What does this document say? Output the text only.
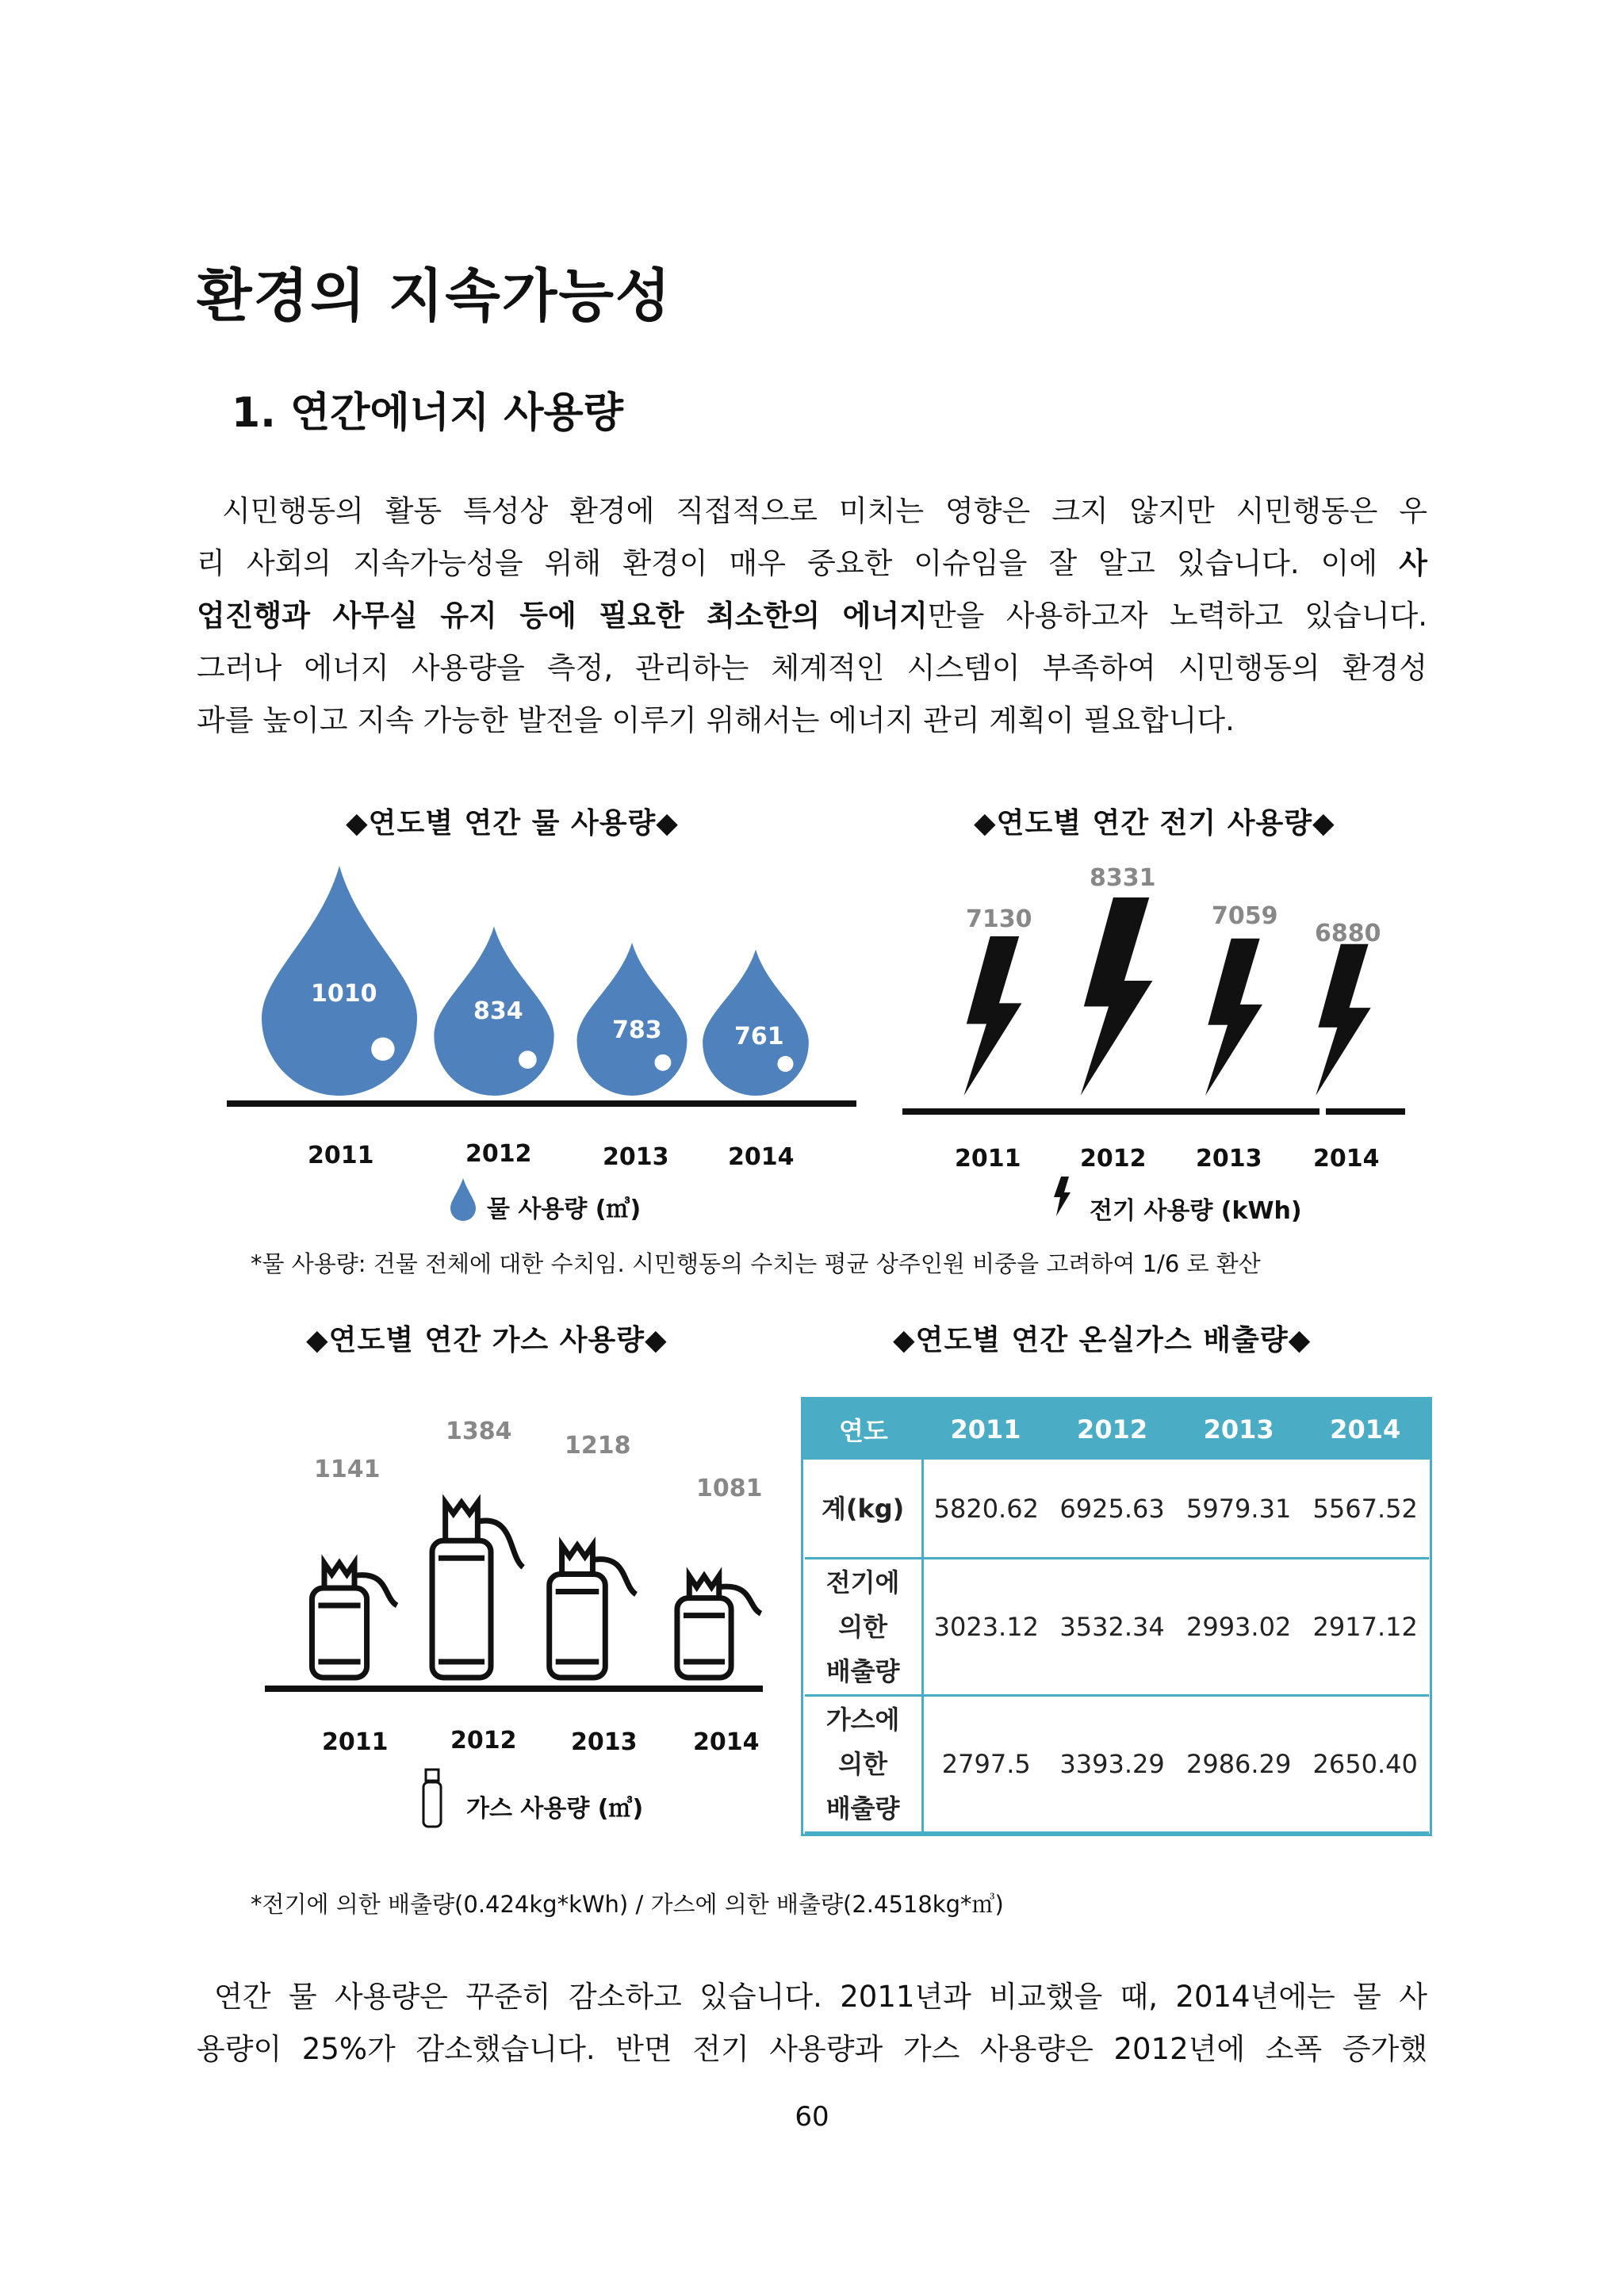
환경의 지속가능성
1. 연간에너지 사용량
시민행동의 활동 특성상 환경에 직접적으로 미치는 영향은 크지 않지만 시민행동은 우
리 사회의 지속가능성을 위해 환경이 매우 중요한 이슈임을 잘 알고 있습니다. 이에 사
업진행과 사무실 유지 등에 필요한 최소한의 에너지만을 사용하고자 노력하고 있습니다.
그러나 에너지 사용량을 측정, 관리하는 체계적인 시스템이 부족하여 시민행동의 환경성
과를 높이고 지속 가능한 발전을 이루기 위해서는 에너지 관리 계획이 필요합니다.
◆연도별 연간 물 사용량◆
1010
834
783	761
2011	2012	2013 2014
물 사용량 (㎥)
◆연도별 연간 전기 사용량◆
7130
8331
7059
6880
2011 2012 2013 2014
전기 사용량 (kWh)
*물 사용량: 건물 전체에 대한 수치임. 시민행동의 수치는 평균 상주인원 비중을 고려하여 1/6 로 환산
◆연도별 연간 가스 사용량◆
1141
1384
1218
1081
2011	2012 2013 2014
가스 사용량 (㎥)
◆연도별 연간 온실가스 배출량◆
연도	2011	2012	2013	2014
계(kg)	5820.62	6925.63	5979.31	5567.52

전기에
의한
배출량	3023.12	3532.34	2993.02	2917.12

가스에
의한
배출량	2797.5	3393.29	2986.29	2650.40
*전기에 의한 배출량(0.424kg*kWh) / 가스에 의한 배출량(2.4518kg*㎥)
연간 물 사용량은 꾸준히 감소하고 있습니다. 2011년과 비교했을 때, 2014년에는 물 사
용량이 25%가 감소했습니다. 반면 전기 사용량과 가스 사용량은 2012년에 소폭 증가했
60
